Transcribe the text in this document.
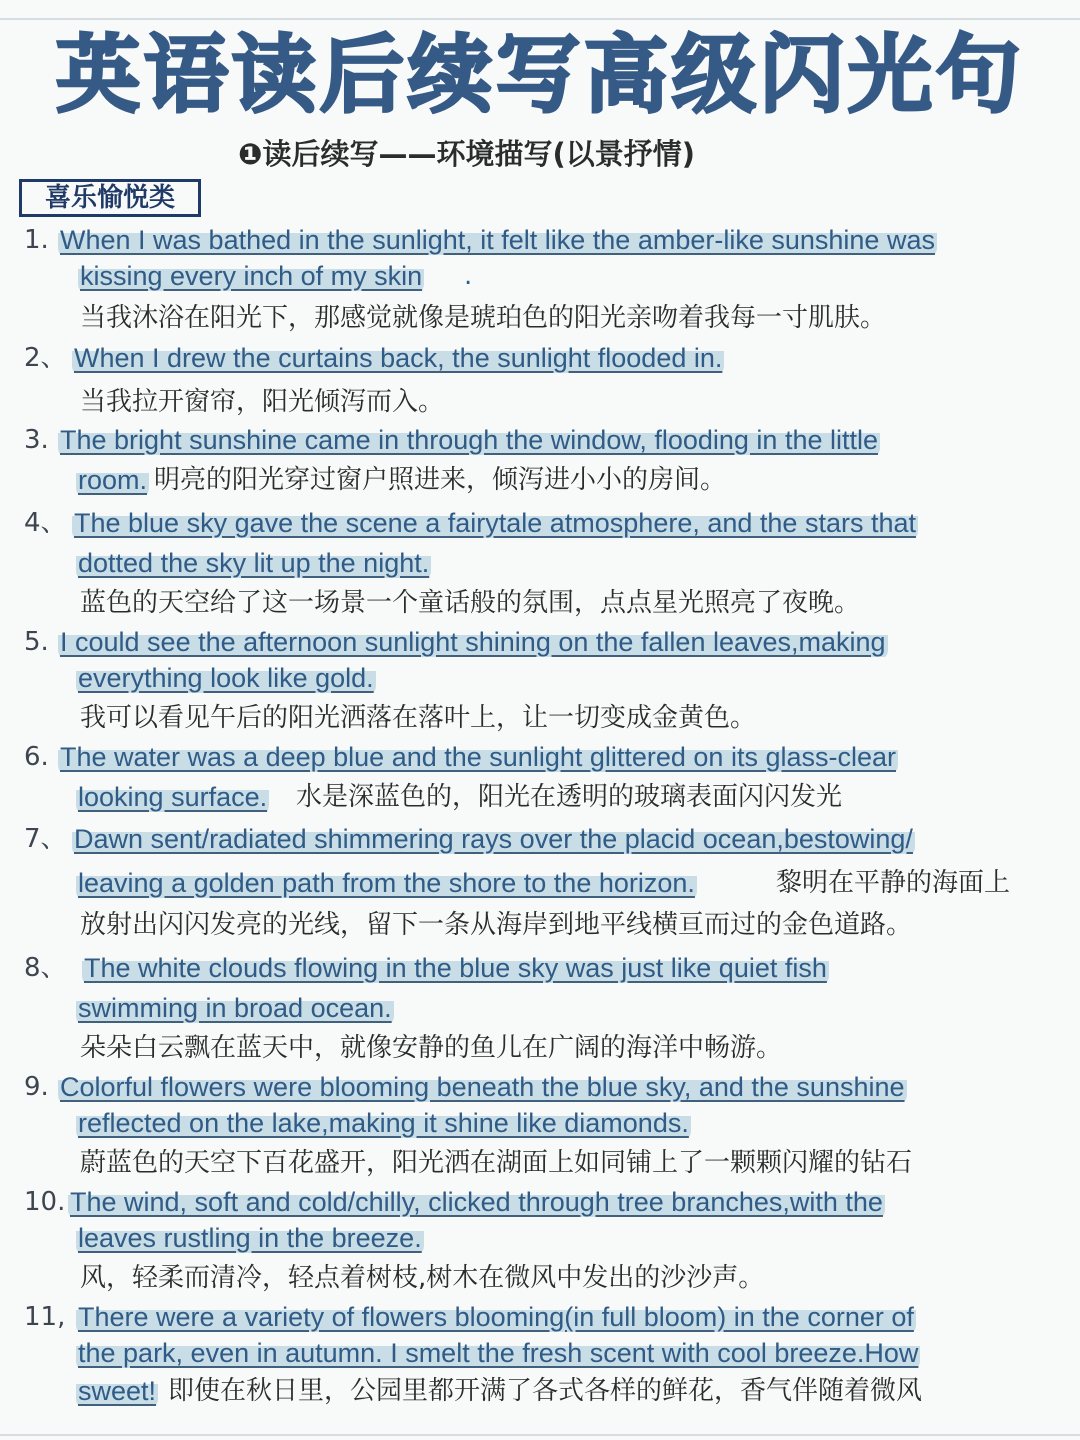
英语读后续写高级闪光句
❶读后续写——环境描写(以景抒情)
喜乐愉悦类
1. When I was bathed in the sunlight, it felt like the amber-like sunshine was
kissing every inch of my skin .
当我沐浴在阳光下，那感觉就像是琥珀色的阳光亲吻着我每一寸肌肤。
2、 When I drew the curtains back, the sunlight flooded in.
当我拉开窗帘，阳光倾泻而入。
3. The bright sunshine came in through the window, flooding in the little
room. 明亮的阳光穿过窗户照进来，倾泻进小小的房间。
4、 The blue sky gave the scene a fairytale atmosphere, and the stars that
dotted the sky lit up the night.
蓝色的天空给了这一场景一个童话般的氛围，点点星光照亮了夜晚。
5. I could see the afternoon sunlight shining on the fallen leaves,making
everything look like gold.
我可以看见午后的阳光洒落在落叶上，让一切变成金黄色。
6. The water was a deep blue and the sunlight glittered on its glass-clear
looking surface. 水是深蓝色的，阳光在透明的玻璃表面闪闪发光
7、 Dawn sent/radiated shimmering rays over the placid ocean,bestowing/
leaving a golden path from the shore to the horizon.	黎明在平静的海面上
放射出闪闪发亮的光线，留下一条从海岸到地平线横亘而过的金色道路。
8、 The white clouds flowing in the blue sky was just like quiet fish
swimming in broad ocean.
朵朵白云飘在蓝天中，就像安静的鱼儿在广阔的海洋中畅游。
9. Colorful flowers were blooming beneath the blue sky, and the sunshine
reflected on the lake,making it shine like diamonds.
蔚蓝色的天空下百花盛开，阳光洒在湖面上如同铺上了一颗颗闪耀的钻石
10. The wind, soft and cold/chilly, clicked through tree branches,with the
leaves rustling in the breeze.
风，轻柔而清冷，轻点着树枝,树木在微风中发出的沙沙声。
11, There were a variety of flowers blooming(in full bloom) in the corner of
the park, even in autumn. I smelt the fresh scent with cool breeze.How
sweet! 即使在秋日里，公园里都开满了各式各样的鲜花，香气伴随着微风
